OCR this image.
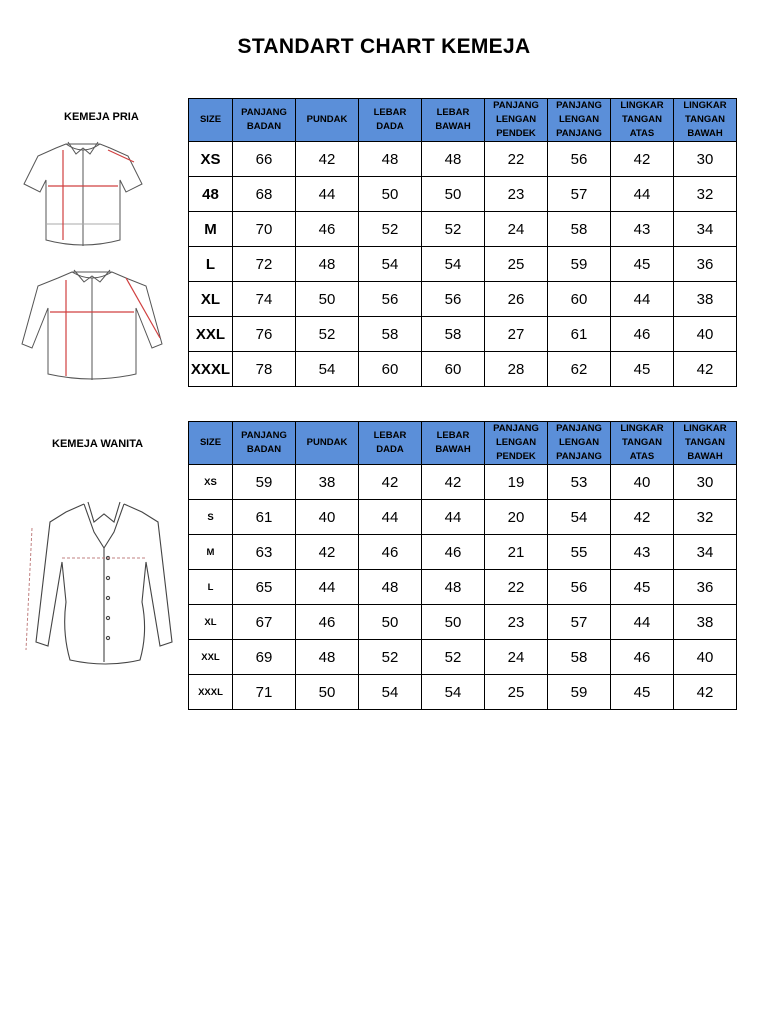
STANDART CHART KEMEJA
KEMEJA PRIA
KEMEJA WANITA
SIZE	PANJANG BADAN	PUNDAK	LEBAR DADA	LEBAR BAWAH	PANJANG LENGAN PENDEK	PANJANG LENGAN PANJANG	LINGKAR TANGAN ATAS	LINGKAR TANGAN BAWAH
XS	66	42	48	48	22	56	42	30
48	68	44	50	50	23	57	44	32
M	70	46	52	52	24	58	43	34
L	72	48	54	54	25	59	45	36
XL	74	50	56	56	26	60	44	38
XXL	76	52	58	58	27	61	46	40
XXXL	78	54	60	60	28	62	45	42
SIZE	PANJANG BADAN	PUNDAK	LEBAR DADA	LEBAR BAWAH	PANJANG LENGAN PENDEK	PANJANG LENGAN PANJANG	LINGKAR TANGAN ATAS	LINGKAR TANGAN BAWAH
XS	59	38	42	42	19	53	40	30
S	61	40	44	44	20	54	42	32
M	63	42	46	46	21	55	43	34
L	65	44	48	48	22	56	45	36
XL	67	46	50	50	23	57	44	38
XXL	69	48	52	52	24	58	46	40
XXXL	71	50	54	54	25	59	45	42
